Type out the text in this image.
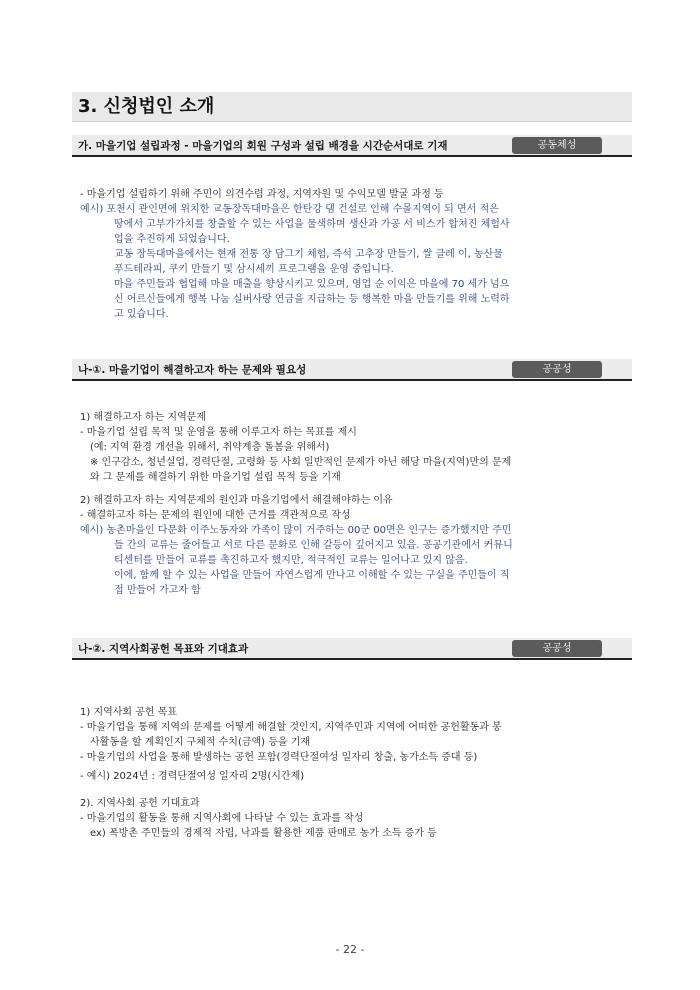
3. 신청법인 소개
가. 마을기업 설립과정 - 마을기업의 회원 구성과 설립 배경을 시간순서대로 기재	공동체성
- 마을기업 설립하기 위해 주민이 의견수렴 과정, 지역자원 및 수익모델 발굴 과정 등
예시) 포천시 관인면에 위치한 교동장독대마을은 한탄강 댐 건설로 인해 수몰지역이 되 면서 적은
땅에서 고부가가치를 창출할 수 있는 사업을 물색하며 생산과 가공 서 비스가 합쳐진 체험사
업을 추진하게 되었습니다.
교동 장독대마을에서는 현재 전통 장 담그기 체험, 즉석 고추장 만들기, 쌀 클레 이, 농산물
푸드테라피, 쿠키 만들기 및 삼시세끼 프로그램을 운영 중입니다.
마을 주민들과 협업해 마을 매출을 향상시키고 있으며, 영업 순 이익은 마을에 70 세가 넘으
신 어르신들에게 행복 나눔 실버사랑 연금을 지급하는 등 행복한 마을 만들기를 위해 노력하
고 있습니다.
나-①. 마을기업이 해결하고자 하는 문제와 필요성	공공성
1) 해결하고자 하는 지역문제
- 마을기업 설립 목적 및 운영을 통해 이루고자 하는 목표를 제시
(예: 지역 환경 개선을 위해서, 취약계층 돌봄을 위해서)
※ 인구감소, 청년실업, 경력단절, 고령화 등 사회 일반적인 문제가 아닌 해당 마을(지역)만의 문제
와 그 문제를 해결하기 위한 마을기업 설립 목적 등을 기재
2) 해결하고자 하는 지역문제의 원인과 마을기업에서 해결해야하는 이유
- 해결하고자 하는 문제의 원인에 대한 근거를 객관적으로 작성
예시) 농촌마을인 다문화 이주노동자와 가족이 많이 거주하는 00군 00면은 인구는 증가했지만 주민
들 간의 교류는 줄어들고 서로 다른 문화로 인해 갈등이 깊어지고 있음. 공공기관에서 커뮤니
티센터를 만들어 교류를 촉진하고자 했지만, 적극적인 교류는 일어나고 있지 않음.
이에, 함께 할 수 있는 사업을 만들어 자연스럽게 만나고 이해할 수 있는 구실을 주민들이 직
접 만들어 가고자 함
나-②. 지역사회공헌 목표와 기대효과	공공성
1) 지역사회 공헌 목표
- 마을기업을 통해 지역의 문제를 어떻게 해결할 것인지, 지역주민과 지역에 어떠한 공헌활동과 봉
사활동을 할 계획인지 구체적 수치(금액) 등을 기재
- 마을기업의 사업을 통해 발생하는 공헌 포함(경력단절여성 일자리 창출, 농가소득 증대 등)
- 예시) 2024년 : 경력단절여성 일자리 2명(시간제)
2). 지역사회 공헌 기대효과
- 마을기업의 활동을 통해 지역사회에 나타날 수 있는 효과를 작성
ex) 폭방촌 주민들의 경제적 자립, 낙과를 활용한 제품 판매로 농가 소득 증가 등
- 22 -
